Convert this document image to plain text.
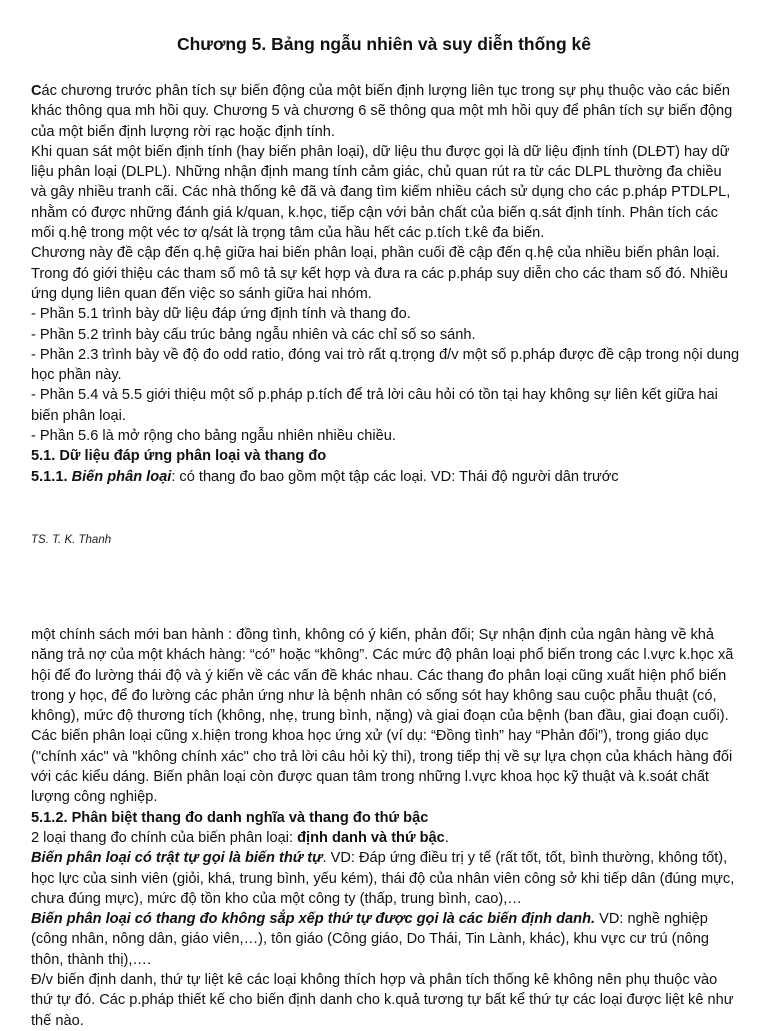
Chương 5. Bảng ngẫu nhiên và suy diễn thống kê

Các chương trước phân tích sự biến động của một biến định lượng liên tục trong sự phụ thuộc vào các biến khác thông qua mh hồi quy. Chương 5 và chương 6 sẽ thông qua một mh hồi quy để phân tích sự biến động của một biến định lượng rời rạc hoặc định tính.

Khi quan sát một biến định tính (hay biến phân loại), dữ liệu thu được gọi là dữ liệu định tính (DLĐT) hay dữ liệu phân loại (DLPL). Những nhận định mang tính cảm giác, chủ quan rút ra từ các DLPL thường đa chiều và gây nhiều tranh cãi. Các nhà thống kê đã và đang tìm kiếm nhiều cách sử dụng cho các p.pháp PTDLPL, nhằm có được những đánh giá k/quan, k.học, tiếp cận với bản chất của biến q.sát định tính. Phân tích các mối q.hệ trong một véc tơ q/sát là trọng tâm của hầu hết các p.tích t.kê đa biến.

Chương này đề cập đến q.hệ giữa hai biến phân loại, phần cuối đề cập đến q.hệ của nhiều biến phân loại. Trong đó giới thiệu các tham số mô tả sự kết hợp và đưa ra các p.pháp suy diễn cho các tham số đó. Nhiều ứng dụng liên quan đến việc so sánh giữa hai nhóm.

- Phần 5.1 trình bày dữ liệu đáp ứng định tính và thang đo.

- Phần 5.2 trình bày cấu trúc bảng ngẫu nhiên và các chỉ số so sánh.

- Phần 2.3 trình bày về độ đo odd ratio, đóng vai trò rất q.trọng đ/v một số p.pháp được đề cập trong nội dung học phần này.

- Phần 5.4 và 5.5 giới thiệu một số p.pháp p.tích để trả lời câu hỏi có tồn tại hay không sự liên kết giữa hai biến phân loại.

- Phần 5.6 là mở rộng cho bảng ngẫu nhiên nhiều chiều.

5.1. Dữ liệu đáp ứng phân loại và thang đo

5.1.1. Biến phân loại: có thang đo bao gồm một tập các loại. VD: Thái độ người dân trước

TS. T. K. Thanh

một chính sách mới ban hành : đồng tình, không có ý kiến, phản đối; Sự nhận định của ngân hàng về khả năng trả nợ của một khách hàng: “có” hoặc “không”. Các mức độ phân loại phổ biến trong các l.vực k.học xã hội để đo lường thái độ và ý kiến về các vấn đề khác nhau. Các thang đo phân loại cũng xuất hiện phổ biến trong y học, để đo lường các phản ứng như là bệnh nhân có sống sót hay không sau cuộc phẫu thuật (có, không), mức độ thương tích (không, nhẹ, trung bình, nặng) và giai đoạn của bệnh (ban đầu, giai đoạn cuối). Các biến phân loại cũng x.hiện trong khoa học ứng xử (ví dụ: “Đồng tình” hay “Phản đối”), trong giáo dục ("chính xác" và "không chính xác" cho trả lời câu hỏi kỳ thi), trong tiếp thị về sự lựa chọn của khách hàng đối với các kiểu dáng. Biến phân loại còn được quan tâm trong những l.vực khoa học kỹ thuật và k.soát chất lượng công nghiệp.

5.1.2. Phân biệt thang đo danh nghĩa và thang đo thứ bậc

2 loại thang đo chính của biến phân loại: định danh và thứ bậc.

Biến phân loại có trật tự gọi là biến thứ tự. VD: Đáp ứng điều trị y tế (rất tốt, tốt, bình thường, không tốt), học lực của sinh viên (giỏi, khá, trung bình, yếu kém), thái độ của nhân viên công sở khi tiếp dân (đúng mực, chưa đúng mực), mức độ tồn kho của một công ty (thấp, trung bình, cao),…

Biến phân loại có thang đo không sắp xếp thứ tự được gọi là các biến định danh. VD: nghề nghiệp (công nhân, nông dân, giáo viên,…), tôn giáo (Công giáo, Do Thái, Tin Lành, khác), khu vực cư trú (nông thôn, thành thị),….

Đ/v biến định danh, thứ tự liệt kê các loại không thích hợp và phân tích thống kê không nên phụ thuộc vào thứ tự đó. Các p.pháp thiết kế cho biến định danh cho k.quả tương tự bất kể thứ tự các loại được liệt kê như thế nào.
